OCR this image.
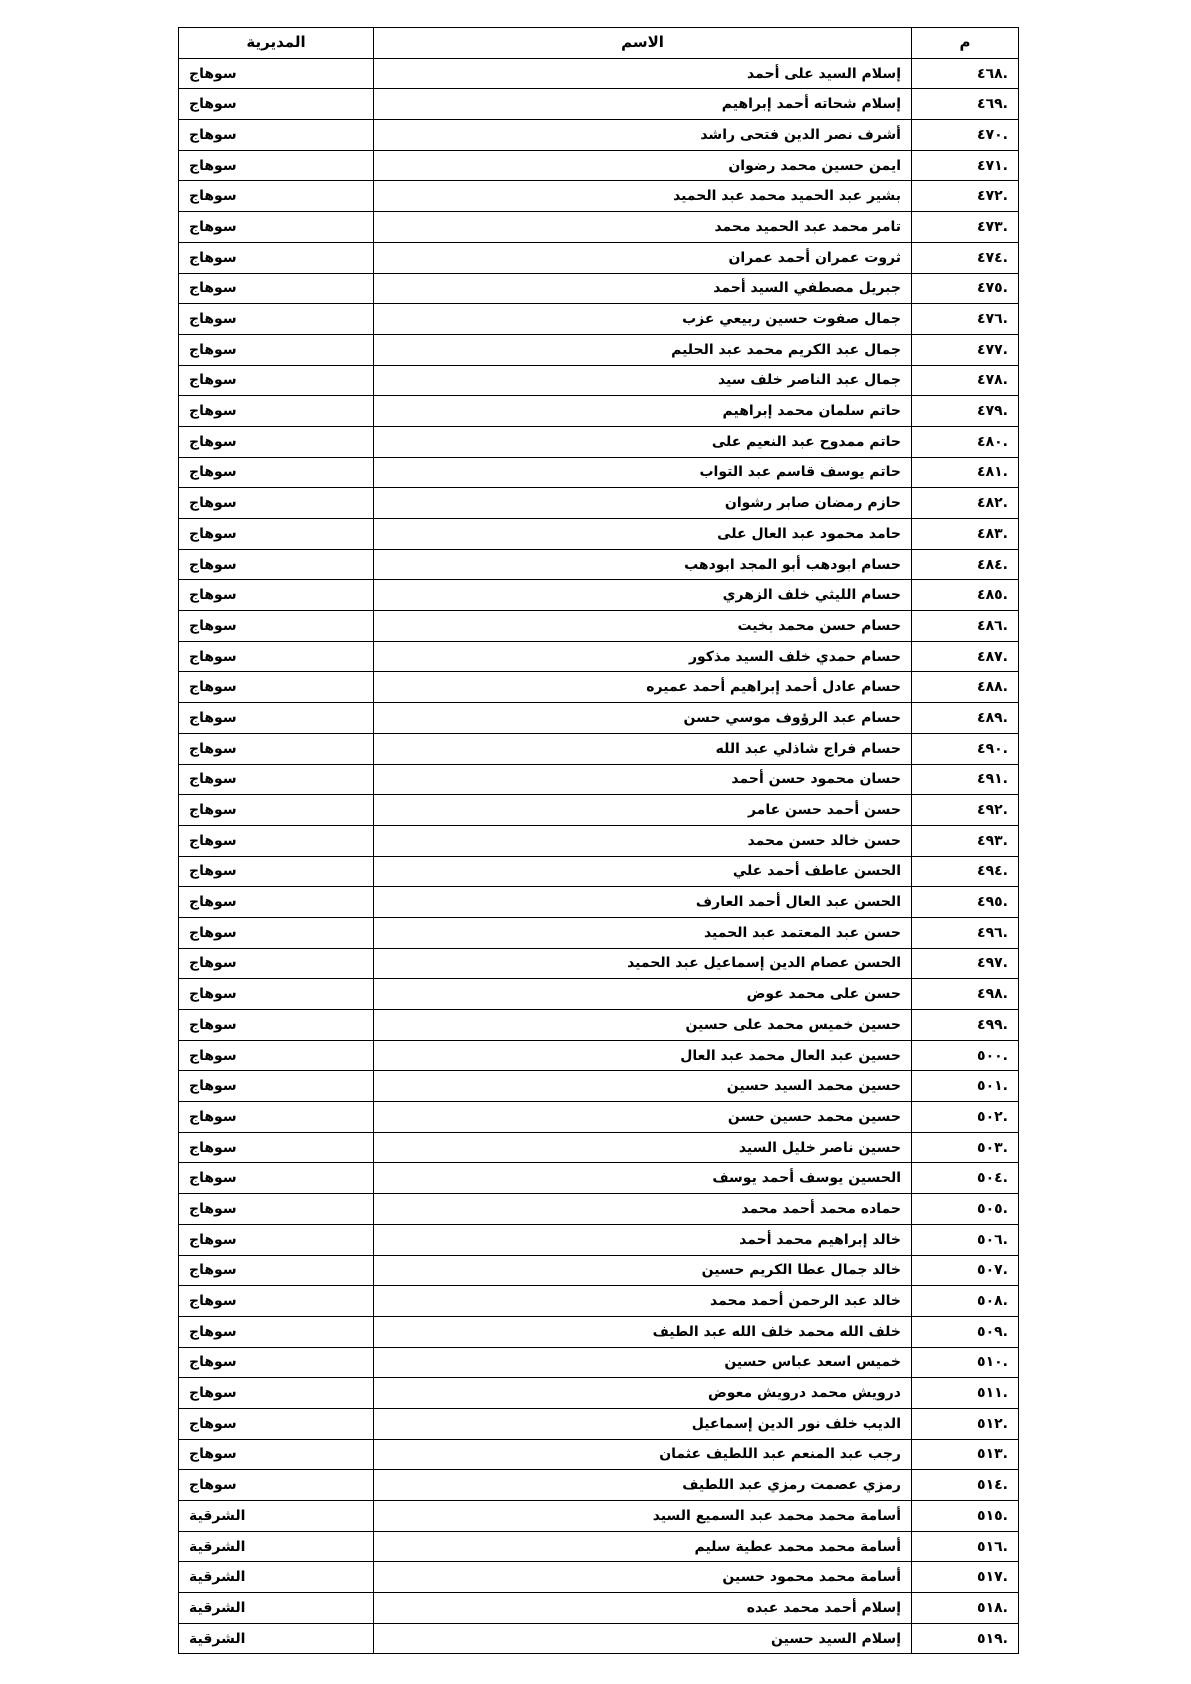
م	الاسم	المديرية
.٤٦٨	إسلام السيد على أحمد	سوهاج
.٤٦٩	إسلام شحاته أحمد إبراهيم	سوهاج
.٤٧٠	أشرف نصر الدين فتحى راشد	سوهاج
.٤٧١	ايمن حسين محمد رضوان	سوهاج
.٤٧٢	بشير عبد الحميد محمد عبد الحميد	سوهاج
.٤٧٣	تامر محمد عبد الحميد محمد	سوهاج
.٤٧٤	ثروت عمران أحمد عمران	سوهاج
.٤٧٥	جبريل مصطفي السيد أحمد	سوهاج
.٤٧٦	جمال صفوت حسين ربيعي عزب	سوهاج
.٤٧٧	جمال عبد الكريم محمد عبد الحليم	سوهاج
.٤٧٨	جمال عبد الناصر خلف سيد	سوهاج
.٤٧٩	حاتم سلمان محمد إبراهيم	سوهاج
.٤٨٠	حاتم ممدوح عبد النعيم على	سوهاج
.٤٨١	حاتم يوسف قاسم عبد التواب	سوهاج
.٤٨٢	حازم رمضان صابر رشوان	سوهاج
.٤٨٣	حامد محمود عبد العال على	سوهاج
.٤٨٤	حسام ابودهب أبو المجد ابودهب	سوهاج
.٤٨٥	حسام الليثي خلف الزهري	سوهاج
.٤٨٦	حسام حسن محمد بخيت	سوهاج
.٤٨٧	حسام حمدي خلف السيد مذكور	سوهاج
.٤٨٨	حسام عادل أحمد إبراهيم أحمد عميره	سوهاج
.٤٨٩	حسام عبد الرؤوف موسي حسن	سوهاج
.٤٩٠	حسام فراج شاذلي عبد الله	سوهاج
.٤٩١	حسان محمود حسن أحمد	سوهاج
.٤٩٢	حسن أحمد حسن عامر	سوهاج
.٤٩٣	حسن خالد حسن محمد	سوهاج
.٤٩٤	الحسن عاطف أحمد علي	سوهاج
.٤٩٥	الحسن عبد العال أحمد العارف	سوهاج
.٤٩٦	حسن عبد المعتمد عبد الحميد	سوهاج
.٤٩٧	الحسن عصام الدين إسماعيل عبد الحميد	سوهاج
.٤٩٨	حسن على محمد عوض	سوهاج
.٤٩٩	حسين خميس محمد على حسين	سوهاج
.٥٠٠	حسين عبد العال محمد عبد العال	سوهاج
.٥٠١	حسين محمد السيد حسين	سوهاج
.٥٠٢	حسين محمد حسين حسن	سوهاج
.٥٠٣	حسين ناصر خليل السيد	سوهاج
.٥٠٤	الحسين يوسف أحمد يوسف	سوهاج
.٥٠٥	حماده محمد أحمد محمد	سوهاج
.٥٠٦	خالد إبراهيم محمد أحمد	سوهاج
.٥٠٧	خالد جمال عطا الكريم حسين	سوهاج
.٥٠٨	خالد عبد الرحمن أحمد محمد	سوهاج
.٥٠٩	خلف الله محمد خلف الله عبد الطيف	سوهاج
.٥١٠	خميس اسعد عباس حسين	سوهاج
.٥١١	درويش محمد درويش معوض	سوهاج
.٥١٢	الديب خلف نور الدين إسماعيل	سوهاج
.٥١٣	رجب عبد المنعم عبد اللطيف عثمان	سوهاج
.٥١٤	رمزي عصمت رمزي عبد اللطيف	سوهاج
.٥١٥	أسامة محمد محمد عبد السميع السيد	الشرقية
.٥١٦	أسامة محمد محمد عطية سليم	الشرقية
.٥١٧	أسامة محمد محمود حسين	الشرقية
.٥١٨	إسلام أحمد محمد عبده	الشرقية
.٥١٩	إسلام السيد حسين	الشرقية
